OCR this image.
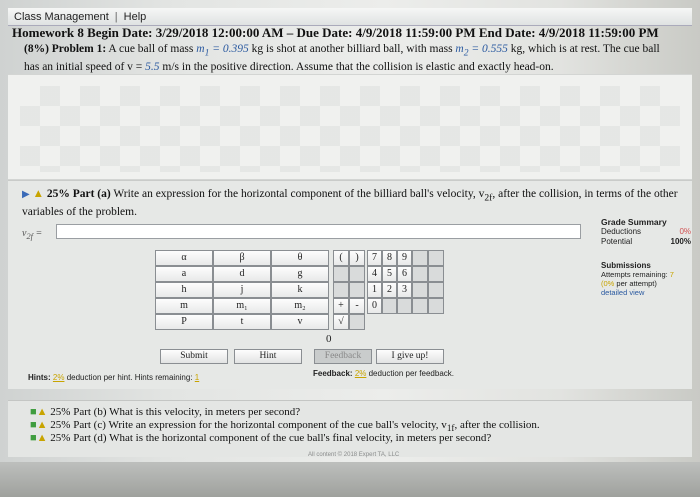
Class Management | Help
Homework 8 Begin Date: 3/29/2018 12:00:00 AM – Due Date: 4/9/2018 11:59:00 PM End Date: 4/9/2018 11:59:00 PM
(8%) Problem 1: A cue ball of mass $m_1 = 0.395$ kg is shot at another billiard ball, with mass $m_2 = 0.555$ kg, which is at rest. The cue ball has an initial speed of v = 5.5 m/s in the positive direction. Assume that the collision is elastic and exactly head-on.
▶ ▲ 25% Part (a) Write an expression for the horizontal component of the billiard ball's velocity, $v_{2f}$, after the collision, in terms of the other variables of the problem.
$v_{2f}$ =
Grade Summary
Deductions	0%
Potential	100%
Submissions
Attempts remaining: 7
(0% per attempt)
detailed view
α	β	θ
a	d	g
h	j	k
m	m₁	m₂
P	t	v
(	)
+	-
√
7	8	9
4	5	6
1	2	3
0
Submit	Hint	Feedback	I give up!
0
Hints: 2% deduction per hint. Hints remaining: 1	Feedback: 2% deduction per feedback.
■▲ 25% Part (b) What is this velocity, in meters per second?
■▲ 25% Part (c) Write an expression for the horizontal component of the cue ball's velocity, $v_{1f}$, after the collision.
■▲ 25% Part (d) What is the horizontal component of the cue ball's final velocity, in meters per second?
All content © 2018 Expert TA, LLC
